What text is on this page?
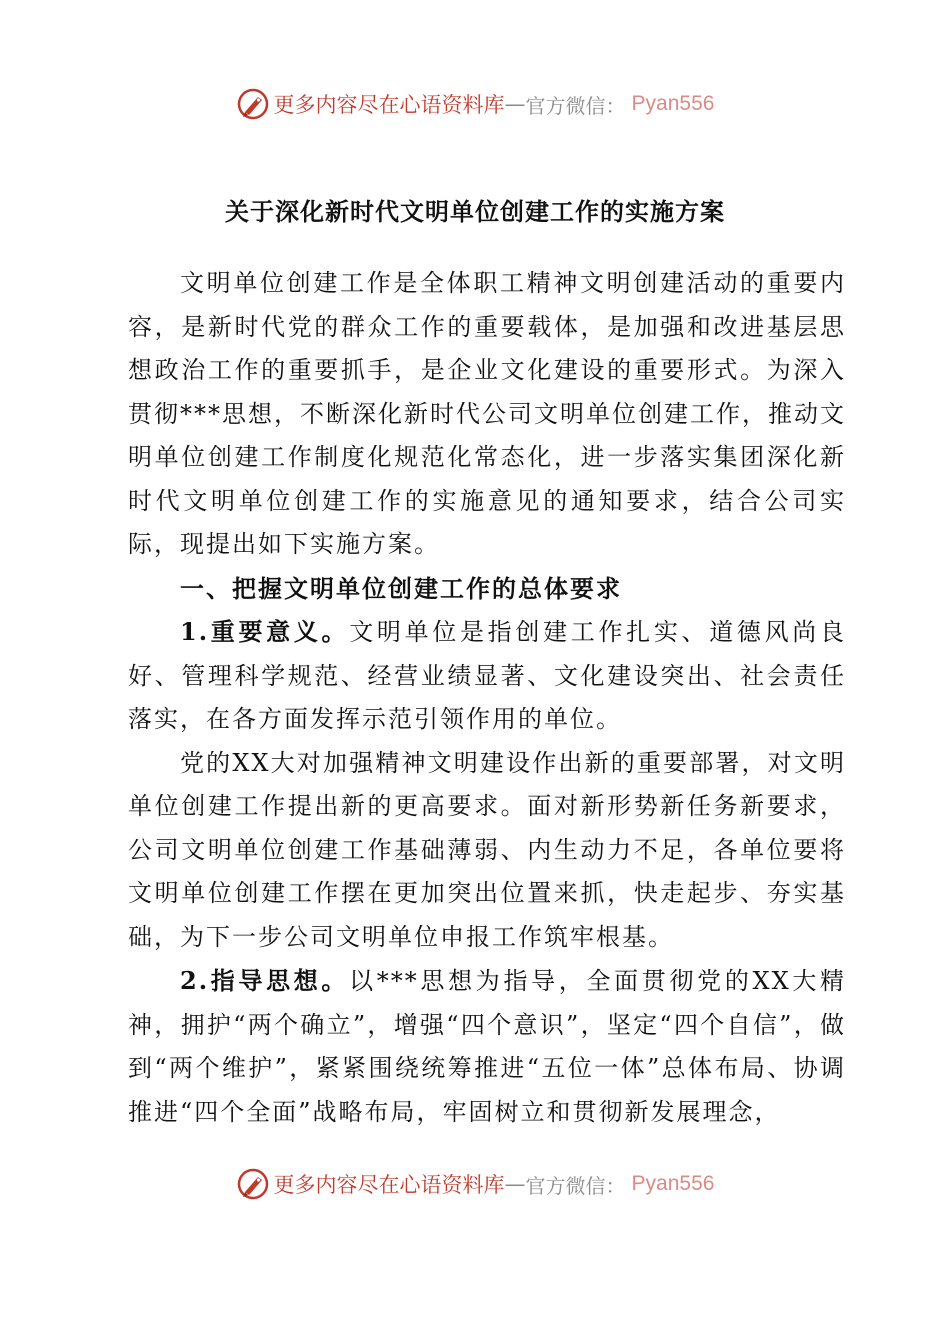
更多内容尽在心语资料库 — 官方微信： Pyan556
关于深化新时代文明单位创建工作的实施方案

文明单位创建工作是全体职工精神文明创建活动的重要内容，是新时代党的群众工作的重要载体，是加强和改进基层思想政治工作的重要抓手，是企业文化建设的重要形式。为深入贯彻***思想，不断深化新时代公司文明单位创建工作，推动文明单位创建工作制度化规范化常态化，进一步落实集团深化新时代文明单位创建工作的实施意见的通知要求，结合公司实际，现提出如下实施方案。

一、把握文明单位创建工作的总体要求

1.重要意义。文明单位是指创建工作扎实、道德风尚良好、管理科学规范、经营业绩显著、文化建设突出、社会责任落实，在各方面发挥示范引领作用的单位。

党的XX大对加强精神文明建设作出新的重要部署，对文明单位创建工作提出新的更高要求。面对新形势新任务新要求，公司文明单位创建工作基础薄弱、内生动力不足，各单位要将文明单位创建工作摆在更加突出位置来抓，快走起步、夯实基础，为下一步公司文明单位申报工作筑牢根基。

2.指导思想。以***思想为指导，全面贯彻党的XX大精神，拥护“两个确立”，增强“四个意识”，坚定“四个自信”，做到“两个维护”，紧紧围绕统筹推进“五位一体”总体布局、协调推进“四个全面”战略布局，牢固树立和贯彻新发展理念，

更多内容尽在心语资料库 — 官方微信： Pyan556
